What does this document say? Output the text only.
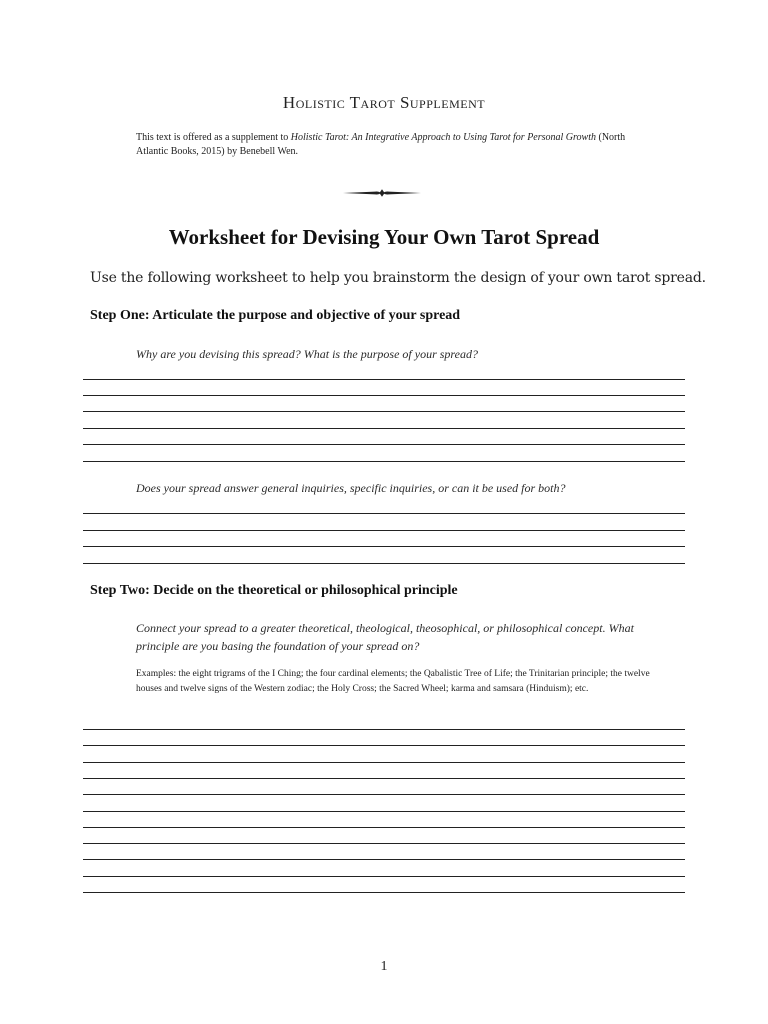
Holistic Tarot Supplement
This text is offered as a supplement to Holistic Tarot: An Integrative Approach to Using Tarot for Personal Growth (North Atlantic Books, 2015) by Benebell Wen.
Worksheet for Devising Your Own Tarot Spread
Use the following worksheet to help you brainstorm the design of your own tarot spread.
Step One: Articulate the purpose and objective of your spread
Why are you devising this spread? What is the purpose of your spread?
Does your spread answer general inquiries, specific inquiries, or can it be used for both?
Step Two: Decide on the theoretical or philosophical principle
Connect your spread to a greater theoretical, theological, theosophical, or philosophical concept. What principle are you basing the foundation of your spread on?
Examples: the eight trigrams of the I Ching; the four cardinal elements; the Qabalistic Tree of Life; the Trinitarian principle; the twelve houses and twelve signs of the Western zodiac; the Holy Cross; the Sacred Wheel; karma and samsara (Hinduism); etc.
1
